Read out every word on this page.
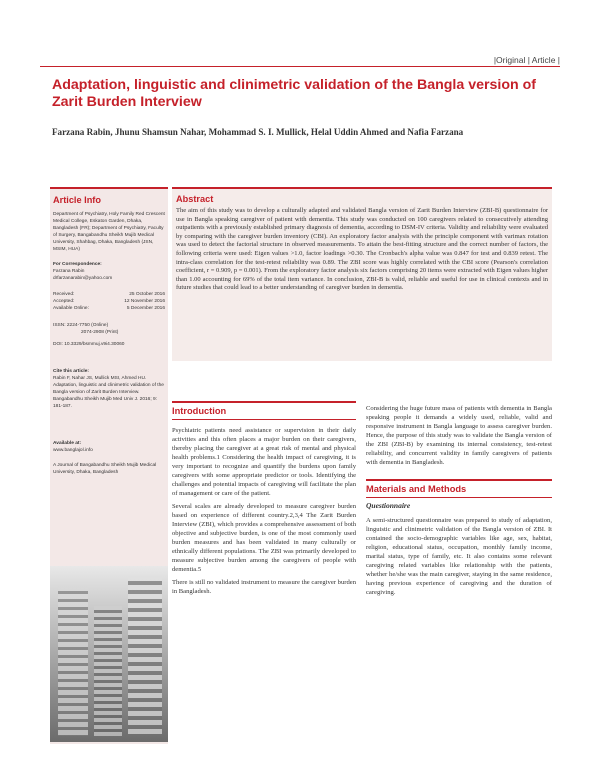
|Original | Article |
Adaptation, linguistic and clinimetric validation of the Bangla version of Zarit Burden Interview
Farzana Rabin, Jhunu Shamsun Nahar, Mohammad S. I. Mullick, Helal Uddin Ahmed and Nafia Farzana
Article Info
Department of Psychiatry, Holy Family Red Crescent Medical College, Eskaton Garden, Dhaka, Bangladesh (FR); Department of Psychiatry, Faculty of Surgery, Bangabandhu Sheikh Mujib Medical University, Shahbag, Dhaka, Bangladesh (JSN, MSIM, HUA)
For Correspondence:
Farzana Rabin
drfarzanarabin@yahoo.com
Received:	25 October 2016
Accepted:	12 November 2016
Available Online:	5 December 2016
ISSN: 2224-7750 (Online)
2074-2908 (Print)
DOI: 10.3329/bsmmuj.v9i4.30060
Cite this article:
Rabin F, Nahar JS, Mullick MSI, Ahmed HU. Adaptation, linguistic and clinimetric validation of the Bangla version of Zarit Burden Interview. Bangabandhu Sheikh Mujib Med Univ J. 2016; 9: 181-187.
Available at:
www.banglajol.info
A Journal of Bangabandhu Sheikh Mujib Medical University, Dhaka, Bangladesh
Abstract
The aim of this study was to develop a culturally adapted and validated Bangla version of Zarit Burden Interview (ZBI-B) questionnaire for use in Bangla speaking caregiver of patient with dementia. This study was conducted on 100 caregivers related to consecutively attending outpatients with a previously established primary diagnosis of dementia, according to DSM-IV criteria. Validity and reliability were evaluated by comparing with the caregiver burden inventory (CBI). An exploratory factor analysis with the principle component with varimax rotation was used to detect the factorial structure in observed measurements. To attain the best-fitting structure and the correct number of factors, the following criteria were used: Eigen values >1.0, factor loadings >0.30. The Cronbach's alpha value was 0.847 for test and 0.839 retest. The intra-class correlation for the test-retest reliability was 0.89. The ZBI score was highly correlated with the CBI score (Pearson's correlation coefficient, r = 0.909, p = 0.001). From the exploratory factor analysis six factors comprising 20 items were extracted with Eigen values higher than 1.00 accounting for 69% of the total item variance. In conclusion, ZBI-B is valid, reliable and useful for use in clinical contexts and in future studies that could lead to a better understanding of caregiver burden in dementia.
Introduction

Psychiatric patients need assistance or supervision in their daily activities and this often places a major burden on their caregivers, thereby placing the caregiver at a great risk of mental and physical health problems.1 Considering the health impact of caregiving, it is very important to recognize and quantify the burdens upon family caregivers with some appropriate predictor or tools. Identifying the challenges and potential impacts of caregiving will facilitate the plan of management or care of the patient.

Several scales are already developed to measure caregiver burden based on experience of different country.2,3,4 The Zarit Burden Interview (ZBI), which provides a comprehensive assessment of both objective and subjective burden, is one of the most commonly used burden measures and has been validated in many culturally or ethnically different populations. The ZBI was primarily developed to measure subjective burden among the caregivers of people with dementia.5

There is still no validated instrument to measure the caregiver burden in Bangladesh.

Considering the huge future mass of patients with dementia in Bangla speaking people it demands a widely used, reliable, valid and responsive instrument in Bangla language to assess caregiver burden. Hence, the purpose of this study was to validate the Bangla version of the ZBI (ZBI-B) by examining its internal consistency, test-retest reliability, and concurrent validity in family caregivers of patients with dementia in Bangladesh.

Materials and Methods
Questionnaire

A semi-structured questionnaire was prepared to study of adaptation, linguistic and clinimetric validation of the Bangla version of ZBI. It contained the socio-demographic variables like age, sex, habitat, religion, educational status, occupation, monthly family income, marital status, type of family, etc. It also contains some relevant caregiving related variables like relationship with the patients, whether he/she was the main caregiver, staying in the same residence, having previous experience of caregiving and the duration of caregiving.
